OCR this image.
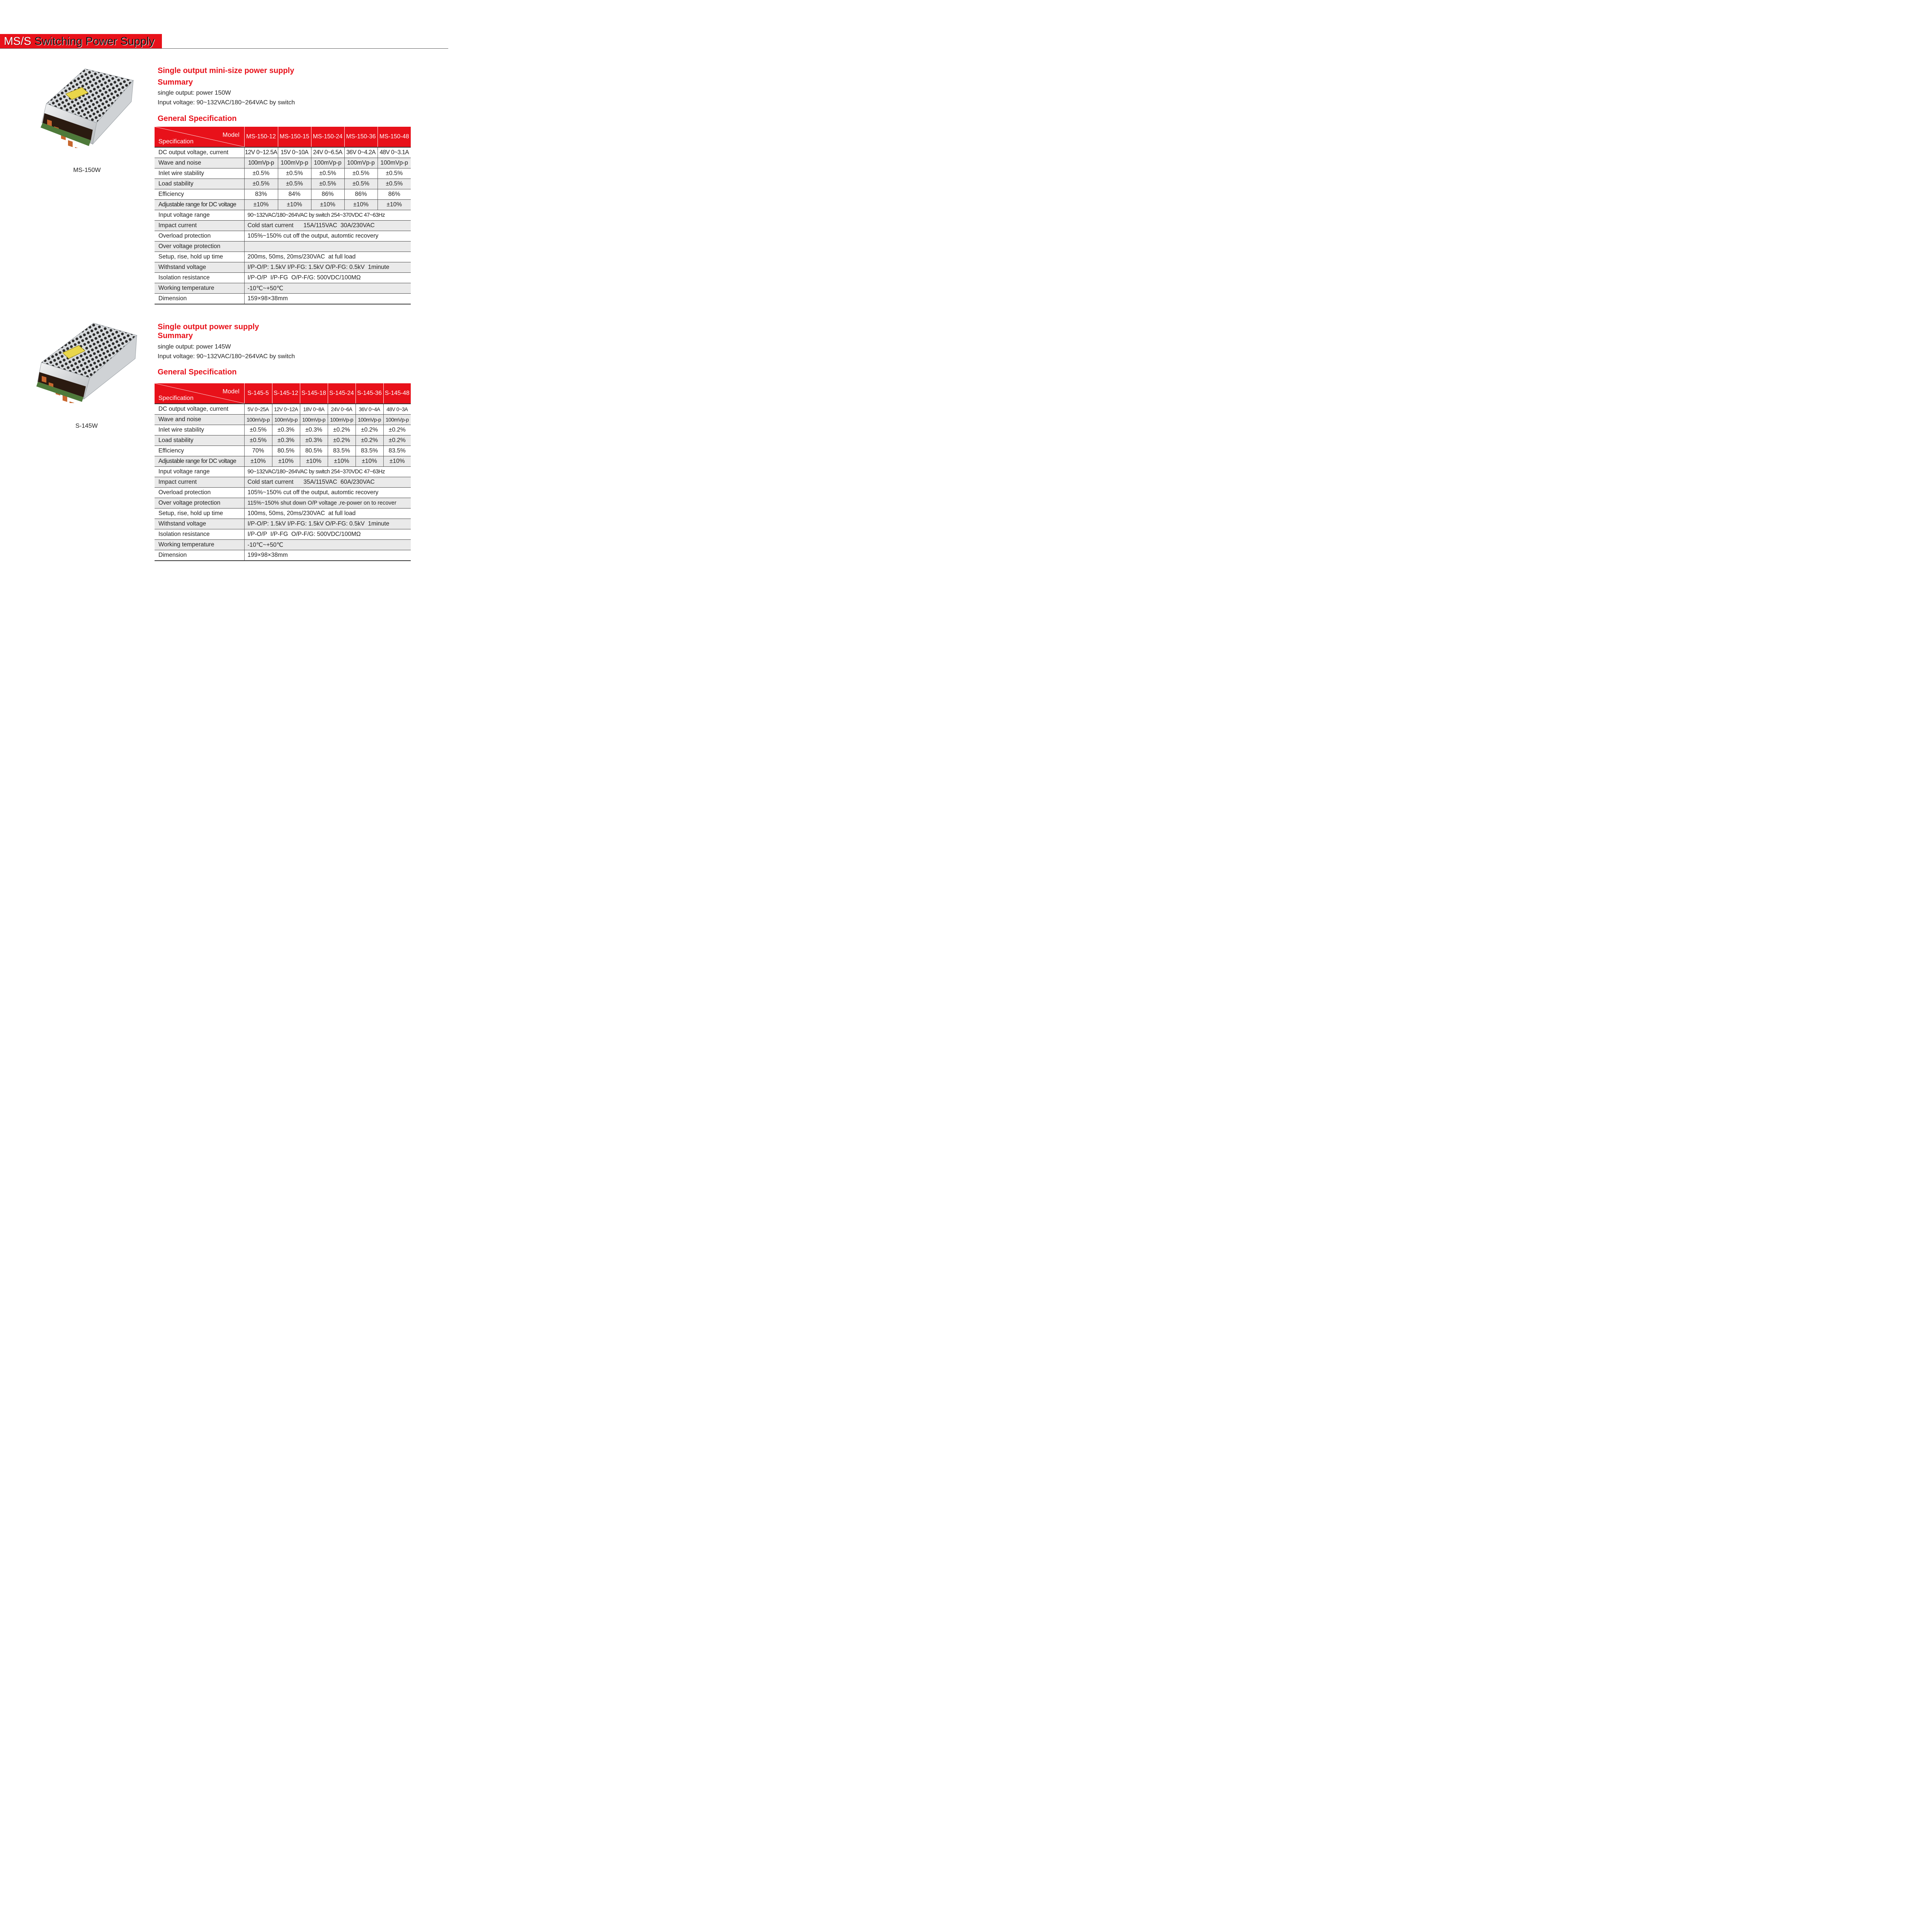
MS/S Switching Power Supply
MS-150W
Single output mini-size power supply
Summary
single output: power 150W
Input voltage: 90~132VAC/180~264VAC by switch
General Specification
Model
Specification	MS-150-12	MS-150-15	MS-150-24	MS-150-36	MS-150-48
DC output voltage, current	12V 0~12.5A	15V 0~10A	24V 0~6.5A	36V 0~4.2A	48V 0~3.1A
Wave and noise	100mVp-p	100mVp-p	100mVp-p	100mVp-p	100mVp-p
Inlet wire stability	±0.5%	±0.5%	±0.5%	±0.5%	±0.5%
Load stability	±0.5%	±0.5%	±0.5%	±0.5%	±0.5%
Efficiency	83%	84%	86%	86%	86%
Adjustable range for DC voltage	±10%	±10%	±10%	±10%	±10%
Input voltage range	90~132VAC/180~264VAC by switch 254~370VDC 47~63Hz				
Impact current	Cold start current      15A/115VAC  30A/230VAC				
Overload protection	105%~150% cut off the output, automtic recovery				
Over voltage protection					
Setup, rise, hold up time	200ms, 50ms, 20ms/230VAC  at full load				
Withstand voltage	I/P-O/P: 1.5kV I/P-FG: 1.5kV O/P-FG: 0.5kV  1minute				
Isolation resistance	I/P-O/P  I/P-FG  O/P-F/G: 500VDC/100MΩ				
Working temperature	-10℃~+50℃				
Dimension	159×98×38mm				
S-145W
Single output power supply
Summary
single output: power 145W
Input voltage: 90~132VAC/180~264VAC by switch
General Specification
Model
Specification	S-145-5	S-145-12	S-145-18	S-145-24	S-145-36	S-145-48
DC output voltage, current	5V 0~25A	12V 0~12A	18V 0~8A	24V 0~6A	36V 0~4A	48V 0~3A
Wave and noise	100mVp-p	100mVp-p	100mVp-p	100mVp-p	100mVp-p	100mVp-p
Inlet wire stability	±0.5%	±0.3%	±0.3%	±0.2%	±0.2%	±0.2%
Load stability	±0.5%	±0.3%	±0.3%	±0.2%	±0.2%	±0.2%
Efficiency	70%	80.5%	80.5%	83.5%	83.5%	83.5%
Adjustable range for DC voltage	±10%	±10%	±10%	±10%	±10%	±10%
Input voltage range	90~132VAC/180~264VAC by switch 254~370VDC 47~63Hz					
Impact current	Cold start current      35A/115VAC  60A/230VAC					
Overload protection	105%~150% cut off the output, automtic recovery					
Over voltage protection	115%~150% shut down O/P voltage ,re-power on to recover					
Setup, rise, hold up time	100ms, 50ms, 20ms/230VAC  at full load					
Withstand voltage	I/P-O/P: 1.5kV I/P-FG: 1.5kV O/P-FG: 0.5kV  1minute					
Isolation resistance	I/P-O/P  I/P-FG  O/P-F/G: 500VDC/100MΩ					
Working temperature	-10℃~+50℃					
Dimension	199×98×38mm					
